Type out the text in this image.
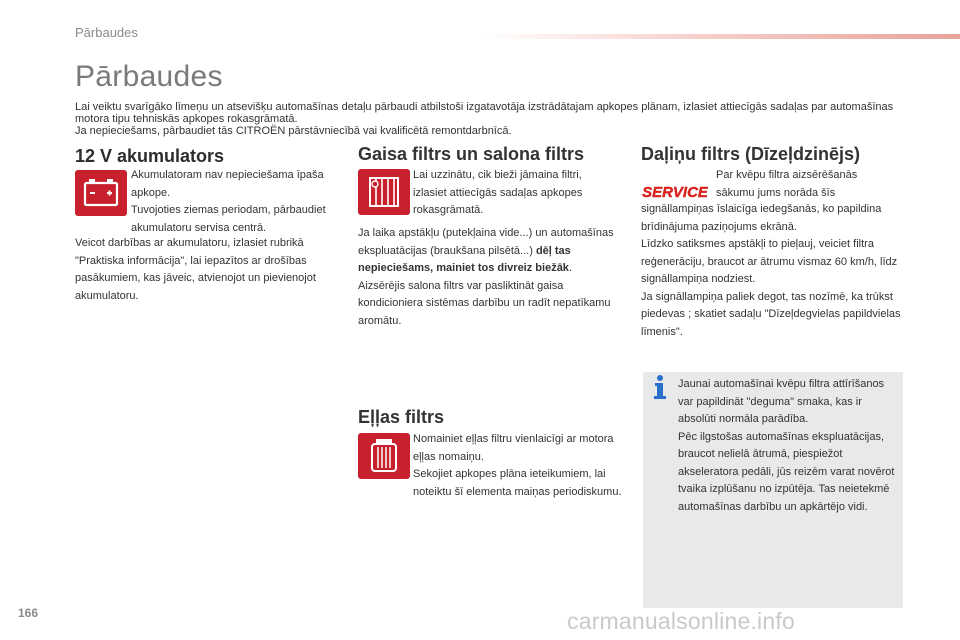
Pārbaudes
Pārbaudes

Lai veiktu svarīgāko līmeņu un atsevišķu automašīnas detaļu pārbaudi atbilstoši izgatavotāja izstrādātajam apkopes plānam, izlasiet attiecīgās sadaļas par automašīnas motora tipu tehniskās apkopes rokasgrāmatā.

Ja nepieciešams, pārbaudiet tās CITROËN pārstāvniecībā vai kvalificētā remontdarbnīcā.

12 V akumulators

Akumulatoram nav nepieciešama īpaša apkope.

Tuvojoties ziemas periodam, pārbaudiet akumulatoru servisa centrā.

Veicot darbības ar akumulatoru, izlasiet rubrikā "Praktiska informācija", lai iepazītos ar drošības pasākumiem, kas jāveic, atvienojot un pievienojot akumulatoru.
Gaisa filtrs un salona filtrs
Lai uzzinātu, cik bieži jāmaina filtri, izlasiet attiecīgās sadaļas apkopes rokasgrāmatā.

Ja laika apstākļu (putekļaina vide...) un automašīnas ekspluatācijas (braukšana pilsētā...) dēļ tas nepieciešams, mainiet tos divreiz biežāk.

Aizsērējis salona filtrs var pasliktināt gaisa kondicioniera sistēmas darbību un radīt nepatīkamu aromātu.

Eļļas filtrs

Nomainiet eļļas filtru vienlaicīgi ar motora eļļas nomaiņu.

Sekojiet apkopes plāna ieteikumiem, lai noteiktu šī elementa maiņas periodiskumu.

Daļiņu filtrs (Dīzeļdzinējs)
SERVICE
Par kvēpu filtra aizsērēšanās sākumu jums norāda šīs

signāllampiņas īslaicīga iedegšanās, ko papildina brīdinājuma paziņojums ekrānā.

Līdzko satiksmes apstākļi to pieļauj, veiciet filtra reģenerāciju, braucot ar ātrumu vismaz 60 km/h, līdz signāllampiņa nodziest.

Ja signāllampiņa paliek degot, tas nozīmē, ka trūkst piedevas ; skatiet sadaļu "Dīzeļdegvielas papildvielas līmenis".

Jaunai automašīnai kvēpu filtra attīrīšanos var papildināt "deguma" smaka, kas ir absolūti normāla parādība.

Pēc ilgstošas automašīnas ekspluatācijas, braucot nelielā ātrumā, piespiežot akseleratora pedāli, jūs reizēm varat novērot tvaika izplūšanu no izpūtēja. Tas neietekmē automašīnas darbību un apkārtējo vidi.

166	carmanualsonline.info
